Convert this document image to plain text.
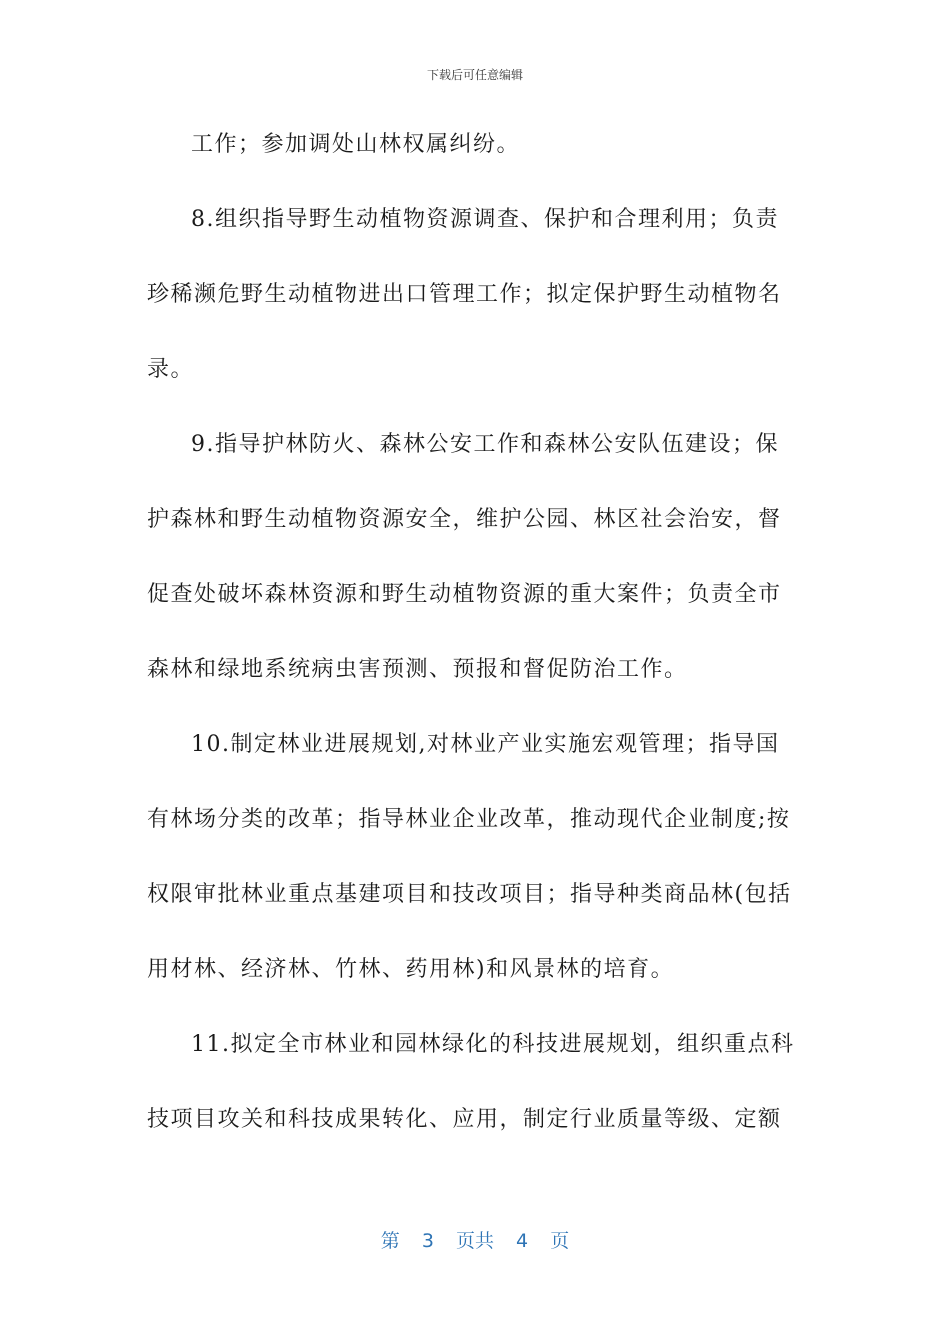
下载后可任意编辑
工作；参加调处山林权属纠纷。
8.组织指导野生动植物资源调查、保护和合理利用；负责
珍稀濒危野生动植物进出口管理工作；拟定保护野生动植物名
录。
9.指导护林防火、森林公安工作和森林公安队伍建设；保
护森林和野生动植物资源安全，维护公园、林区社会治安，督
促查处破坏森林资源和野生动植物资源的重大案件；负责全市
森林和绿地系统病虫害预测、预报和督促防治工作。
10.制定林业进展规划,对林业产业实施宏观管理；指导国
有林场分类的改革；指导林业企业改革，推动现代企业制度;按
权限审批林业重点基建项目和技改项目；指导种类商品林(包括
用材林、经济林、竹林、药用林)和风景林的培育。
11.拟定全市林业和园林绿化的科技进展规划，组织重点科
技项目攻关和科技成果转化、应用，制定行业质量等级、定额
第 3 页共 4 页
